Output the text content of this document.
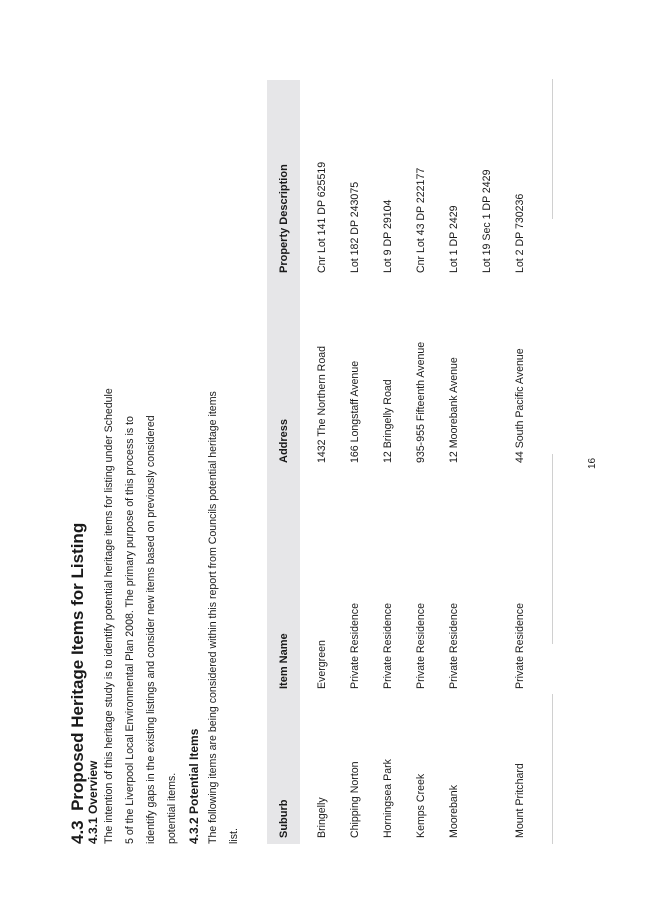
4.3  Proposed Heritage Items for Listing 4.3.1 Overview The intention of this heritage study is to identify potential heritage items for listing under Schedule 5 of the Liverpool Local Environmental Plan 2008. The primary purpose of this process is to identify gaps in the existing listings and consider new items based on previously considered potential items. 4.3.2 Potential Items The following items are being considered within this report from Councils potential heritage items list.	Suburb
Item Name
Address
Property Description
Bringelly
Evergreen
1432 The Northern Road
Cnr Lot 141 DP 625519
Chipping Norton
Private Residence
166 Longstaff Avenue
Lot 182 DP 243075
Horningsea Park
Private Residence
12 Bringelly Road
Lot 9 DP 29104
Kemps Creek
Private Residence
935-955 Fifteenth Avenue
Cnr Lot 43 DP 222177
Moorebank
Private Residence
12 Moorebank Avenue
Lot 1 DP 2429 Lot 19 Sec 1 DP 2429
Mount Pritchard
Private Residence
44 South Pacific Avenue
Lot 2 DP 730236
16
